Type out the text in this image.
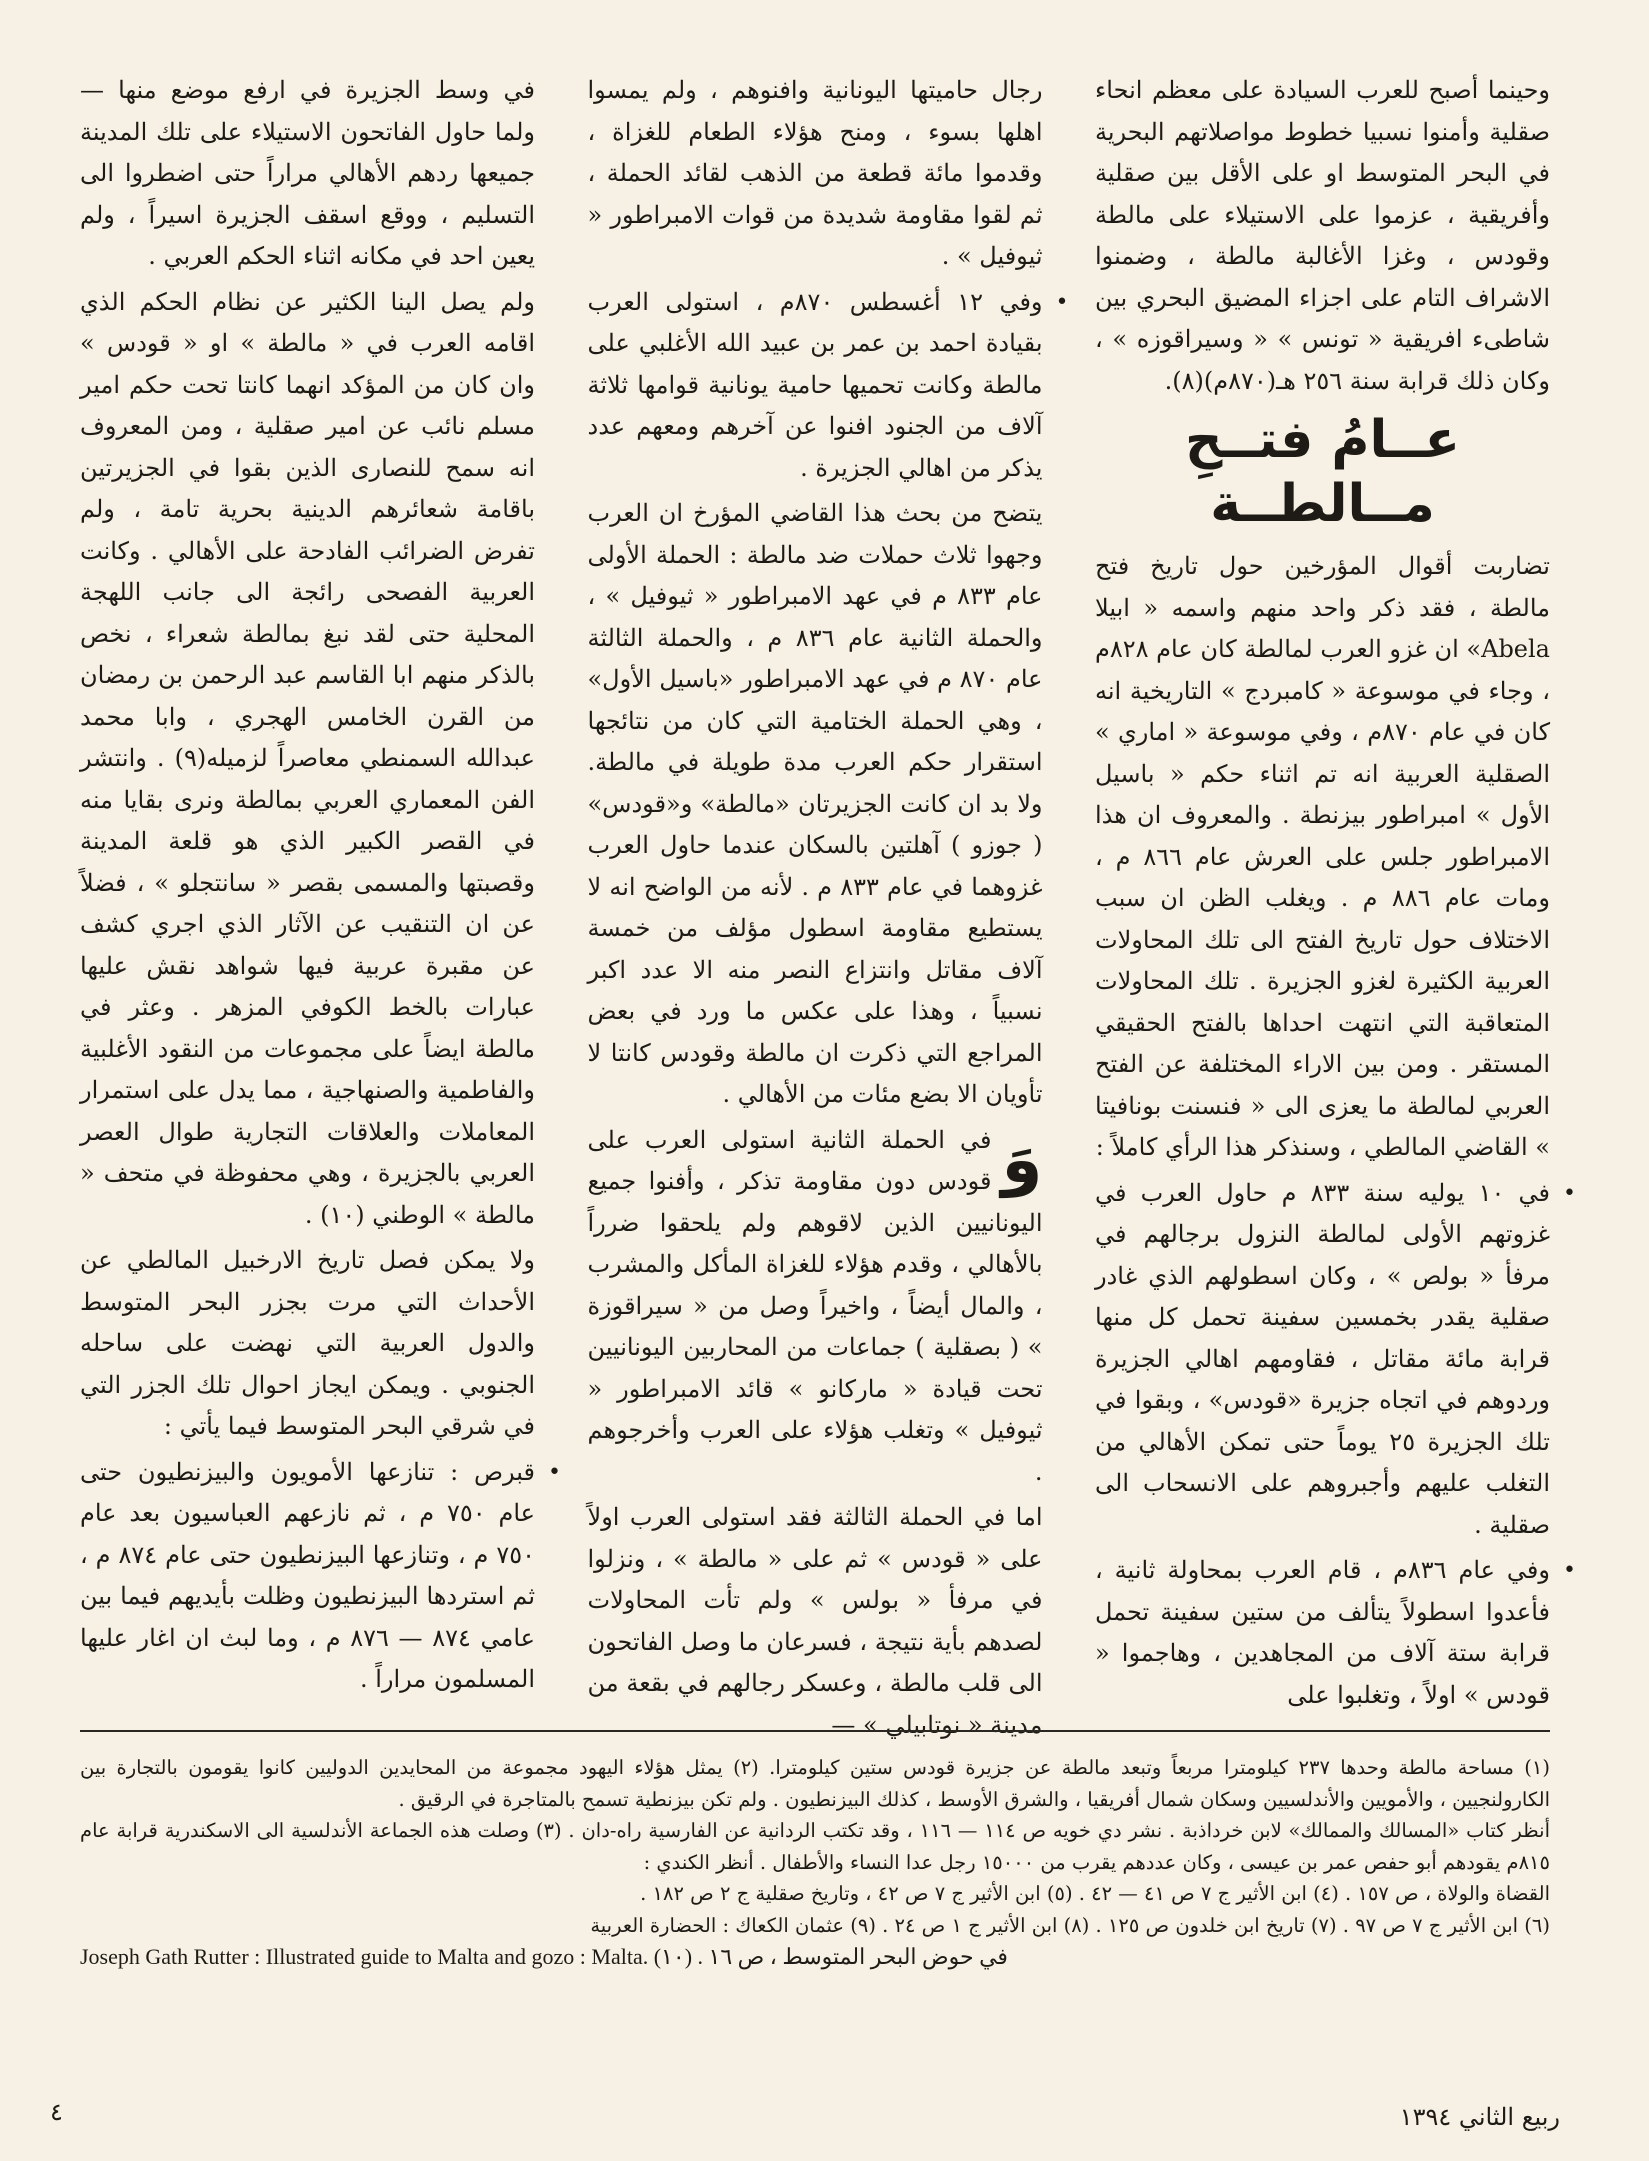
وحينما أصبح للعرب السيادة على معظم انحاء صقلية وأمنوا نسبيا خطوط مواصلاتهم البحرية في البحر المتوسط او على الأقل بين صقلية وأفريقية ، عزموا على الاستيلاء على مالطة وقودس ، وغزا الأغالبة مالطة ، وضمنوا الاشراف التام على اجزاء المضيق البحري بين شاطىء افريقية « تونس » « وسيراقوزه » ، وكان ذلك قرابة سنة ٢٥٦ هـ(٨٧٠م)(٨).

عــامُ فتــحِ مــالطــة

تضاربت أقوال المؤرخين حول تاريخ فتح مالطة ، فقد ذكر واحد منهم واسمه « ابيلا Abela» ان غزو العرب لمالطة كان عام ٨٢٨م ، وجاء في موسوعة « كامبردج » التاريخية انه كان في عام ٨٧٠م ، وفي موسوعة « اماري » الصقلية العربية انه تم اثناء حكم « باسيل الأول » امبراطور بيزنطة . والمعروف ان هذا الامبراطور جلس على العرش عام ٨٦٦ م ، ومات عام ٨٨٦ م . ويغلب الظن ان سبب الاختلاف حول تاريخ الفتح الى تلك المحاولات العربية الكثيرة لغزو الجزيرة . تلك المحاولات المتعاقبة التي انتهت احداها بالفتح الحقيقي المستقر . ومن بين الاراء المختلفة عن الفتح العربي لمالطة ما يعزى الى « فنسنت بونافيتا » القاضي المالطي ، وسنذكر هذا الرأي كاملاً :

في ١٠ يوليه سنة ٨٣٣ م حاول العرب في غزوتهم الأولى لمالطة النزول برجالهم في مرفأ « بولص » ، وكان اسطولهم الذي غادر صقلية يقدر بخمسين سفينة تحمل كل منها قرابة مائة مقاتل ، فقاومهم اهالي الجزيرة وردوهم في اتجاه جزيرة «قودس» ، وبقوا في تلك الجزيرة ٢٥ يوماً حتى تمكن الأهالي من التغلب عليهم وأجبروهم على الانسحاب الى صقلية . •

وفي عام ٨٣٦م ، قام العرب بمحاولة ثانية ، فأعدوا اسطولاً يتألف من ستين سفينة تحمل قرابة ستة آلاف من المجاهدين ، وهاجموا « قودس » اولاً ، وتغلبوا على •

رجال حاميتها اليونانية وافنوهم ، ولم يمسوا اهلها بسوء ، ومنح هؤلاء الطعام للغزاة ، وقدموا مائة قطعة من الذهب لقائد الحملة ، ثم لقوا مقاومة شديدة من قوات الامبراطور « ثيوفيل » .

وفي ١٢ أغسطس ٨٧٠م ، استولى العرب بقيادة احمد بن عمر بن عبيد الله الأغلبي على مالطة وكانت تحميها حامية يونانية قوامها ثلاثة آلاف من الجنود افنوا عن آخرهم ومعهم عدد يذكر من اهالي الجزيرة . •

يتضح من بحث هذا القاضي المؤرخ ان العرب وجهوا ثلاث حملات ضد مالطة : الحملة الأولى عام ٨٣٣ م في عهد الامبراطور « ثيوفيل » ، والحملة الثانية عام ٨٣٦ م ، والحملة الثالثة عام ٨٧٠ م في عهد الامبراطور «باسيل الأول» ، وهي الحملة الختامية التي كان من نتائجها استقرار حكم العرب مدة طويلة في مالطة. ولا بد ان كانت الجزيرتان «مالطة» و«قودس» ( جوزو ) آهلتين بالسكان عندما حاول العرب غزوهما في عام ٨٣٣ م . لأنه من الواضح انه لا يستطيع مقاومة اسطول مؤلف من خمسة آلاف مقاتل وانتزاع النصر منه الا عدد اكبر نسبياً ، وهذا على عكس ما ورد في بعض المراجع التي ذكرت ان مالطة وقودس كانتا لا تأويان الا بضع مئات من الأهالي .

وَ
في الحملة الثانية استولى العرب على قودس دون مقاومة تذكر ، وأفنوا جميع اليونانيين الذين لاقوهم ولم يلحقوا ضرراً بالأهالي ، وقدم هؤلاء للغزاة المأكل والمشرب ، والمال أيضاً ، واخيراً وصل من « سيراقوزة » ( بصقلية ) جماعات من المحاربين اليونانيين تحت قيادة « ماركانو » قائد الامبراطور « ثيوفيل » وتغلب هؤلاء على العرب وأخرجوهم .

اما في الحملة الثالثة فقد استولى العرب اولاً على « قودس » ثم على « مالطة » ، ونزلوا في مرفأ « بولس » ولم تأت المحاولات لصدهم بأية نتيجة ، فسرعان ما وصل الفاتحون الى قلب مالطة ، وعسكر رجالهم في بقعة من مدينة « نوتابيلي » —

في وسط الجزيرة في ارفع موضع منها — ولما حاول الفاتحون الاستيلاء على تلك المدينة جميعها ردهم الأهالي مراراً حتى اضطروا الى التسليم ، ووقع اسقف الجزيرة اسيراً ، ولم يعين احد في مكانه اثناء الحكم العربي .

ولم يصل الينا الكثير عن نظام الحكم الذي اقامه العرب في « مالطة » او « قودس » وان كان من المؤكد انهما كانتا تحت حكم امير مسلم نائب عن امير صقلية ، ومن المعروف انه سمح للنصارى الذين بقوا في الجزيرتين باقامة شعائرهم الدينية بحرية تامة ، ولم تفرض الضرائب الفادحة على الأهالي . وكانت العربية الفصحى رائجة الى جانب اللهجة المحلية حتى لقد نبغ بمالطة شعراء ، نخص بالذكر منهم ابا القاسم عبد الرحمن بن رمضان من القرن الخامس الهجري ، وابا محمد عبدالله السمنطي معاصراً لزميله(٩) . وانتشر الفن المعماري العربي بمالطة ونرى بقايا منه في القصر الكبير الذي هو قلعة المدينة وقصبتها والمسمى بقصر « سانتجلو » ، فضلاً عن ان التنقيب عن الآثار الذي اجري كشف عن مقبرة عربية فيها شواهد نقش عليها عبارات بالخط الكوفي المزهر . وعثر في مالطة ايضاً على مجموعات من النقود الأغلبية والفاطمية والصنهاجية ، مما يدل على استمرار المعاملات والعلاقات التجارية طوال العصر العربي بالجزيرة ، وهي محفوظة في متحف « مالطة » الوطني (١٠) .

ولا يمكن فصل تاريخ الارخبيل المالطي عن الأحداث التي مرت بجزر البحر المتوسط والدول العربية التي نهضت على ساحله الجنوبي . ويمكن ايجاز احوال تلك الجزر التي في شرقي البحر المتوسط فيما يأتي :

قبرص : تنازعها الأمويون والبيزنطيون حتى عام ٧٥٠ م ، ثم نازعهم العباسيون بعد عام ٧٥٠ م ، وتنازعها البيزنطيون حتى عام ٨٧٤ م ، ثم استردها البيزنطيون وظلت بأيديهم فيما بين عامي ٨٧٤ — ٨٧٦ م ، وما لبث ان اغار عليها المسلمون مراراً . •

(١) مساحة مالطة وحدها ٢٣٧ كيلومترا مربعاً وتبعد مالطة عن جزيرة قودس ستين كيلومترا. (٢) يمثل هؤلاء اليهود مجموعة من المحايدين الدوليين كانوا يقومون بالتجارة بين الكارولنجيين ، والأمويين والأندلسيين وسكان شمال أفريقيا ، والشرق الأوسط ، كذلك البيزنطيون . ولم تكن بيزنطية تسمح بالمتاجرة في الرقيق .

أنظر كتاب «المسالك والممالك» لابن خرداذبة . نشر دي خويه ص ١١٤ — ١١٦ ، وقد تكتب الردانية عن الفارسية راه-دان . (٣) وصلت هذه الجماعة الأندلسية الى الاسكندرية قرابة عام ٨١٥م يقودهم أبو حفص عمر بن عيسى ، وكان عددهم يقرب من ١٥٠٠٠ رجل عدا النساء والأطفال . أنظر الكندي :

القضاة والولاة ، ص ١٥٧ . (٤) ابن الأثير ج ٧ ص ٤١ — ٤٢ . (٥) ابن الأثير ج ٧ ص ٤٢ ، وتاريخ صقلية ج ٢ ص ١٨٢ .

(٦) ابن الأثير ج ٧ ص ٩٧ . (٧) تاريخ ابن خلدون ص ١٢٥ . (٨) ابن الأثير ج ١ ص ٢٤ . (٩) عثمان الكعاك : الحضارة العربية

Joseph Gath Rutter : Illustrated guide to Malta and gozo : Malta. في حوض البحر المتوسط ، ص ١٦ . (١٠)

ربيع الثاني ١٣٩٤
٤
